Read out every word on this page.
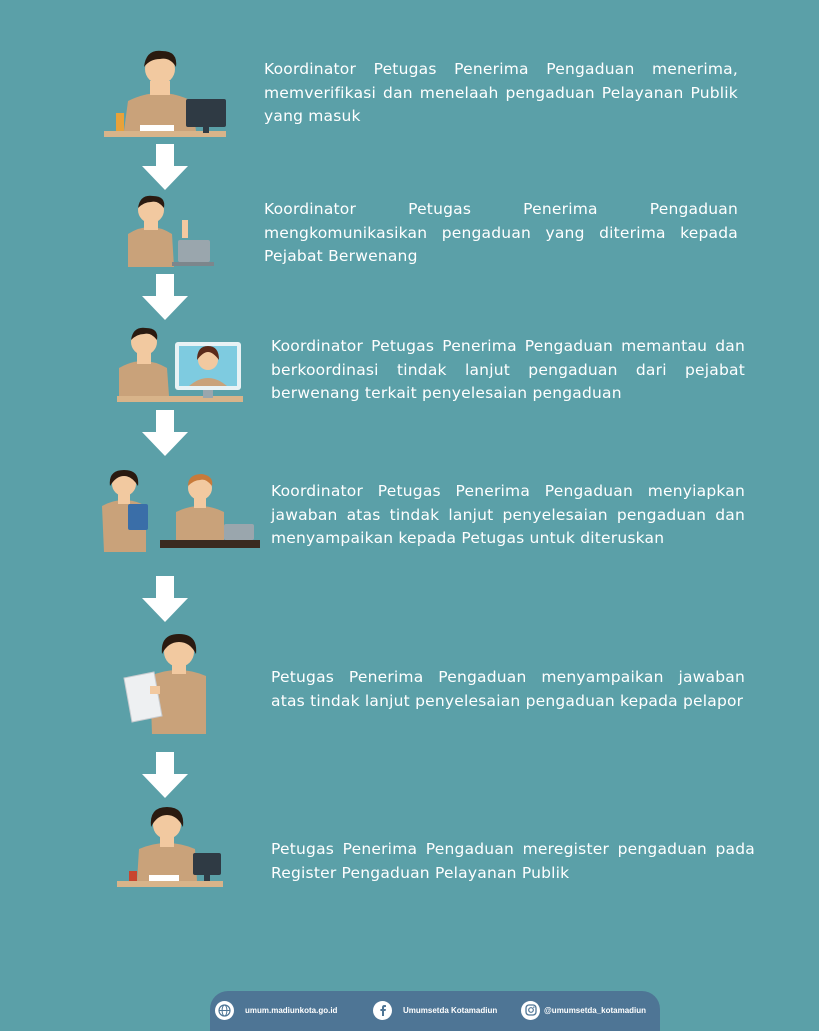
Koordinator Petugas Penerima Pengaduan menerima, memverifikasi dan menelaah pengaduan Pelayanan Publik yang masuk

Koordinator Petugas Penerima Pengaduan mengkomunikasikan pengaduan yang diterima kepada Pejabat Berwenang

Koordinator Petugas Penerima Pengaduan memantau dan berkoordinasi tindak lanjut pengaduan dari pejabat berwenang terkait penyelesaian pengaduan

Koordinator Petugas Penerima Pengaduan menyiapkan jawaban atas tindak lanjut penyelesaian pengaduan dan menyampaikan kepada Petugas untuk diteruskan

Petugas Penerima Pengaduan menyampaikan jawaban atas tindak lanjut penyelesaian pengaduan kepada pelapor

Petugas Penerima Pengaduan meregister pengaduan pada Register Pengaduan Pelayanan Publik

umum.madiunkota.go.id	Umumsetda Kotamadiun	@umumsetda_kotamadiun
